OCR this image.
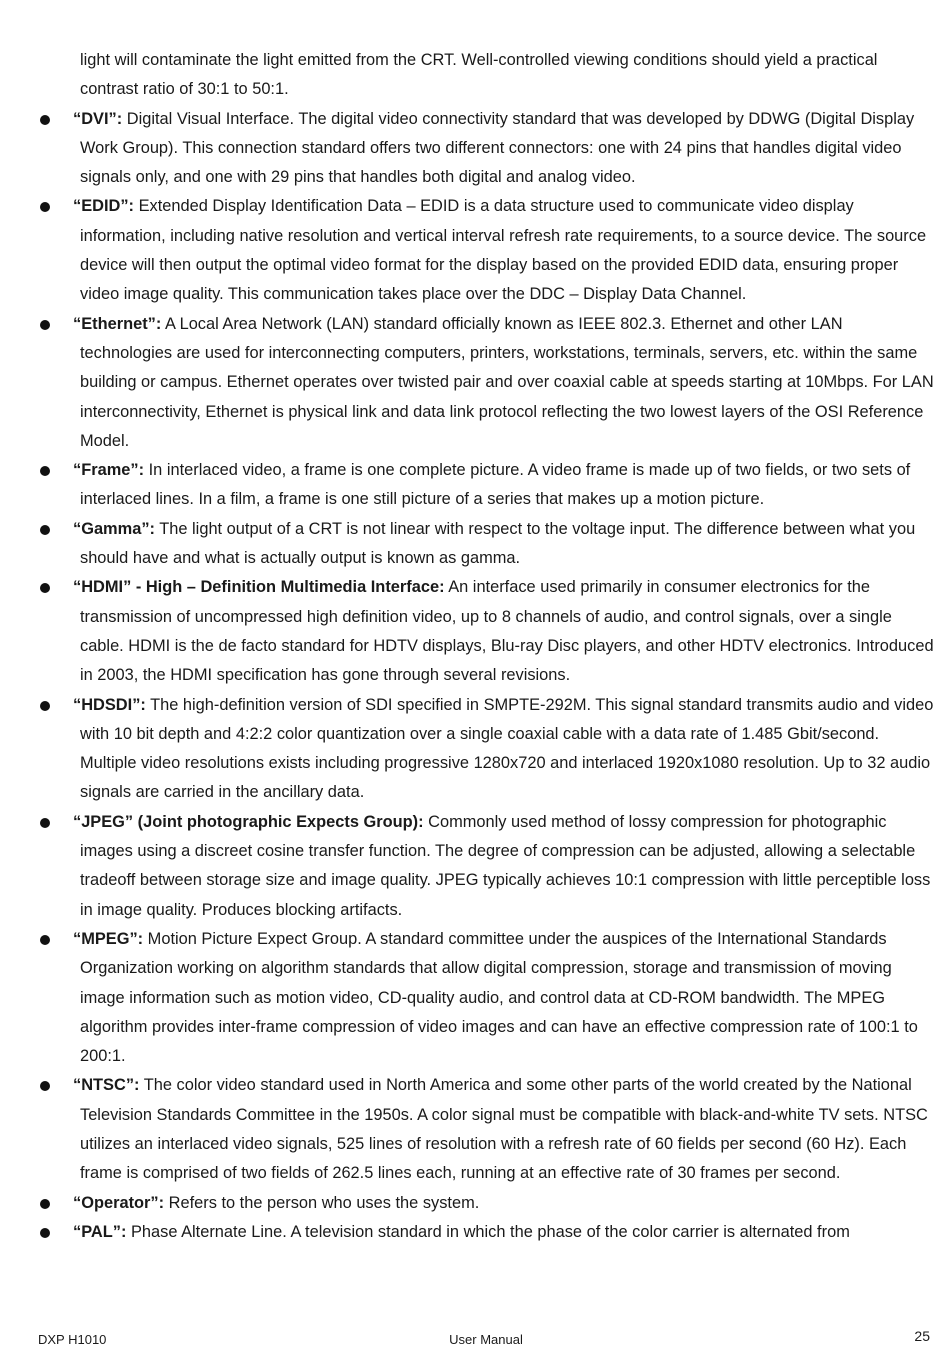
light will contaminate the light emitted from the CRT. Well-controlled viewing conditions should yield a practical contrast ratio of 30:1 to 50:1.

“DVI”: Digital Visual Interface. The digital video connectivity standard that was developed by DDWG (Digital Display Work Group). This connection standard offers two different connectors: one with 24 pins that handles digital video signals only, and one with 29 pins that handles both digital and analog video.
“EDID”: Extended Display Identification Data – EDID is a data structure used to communicate video display information, including native resolution and vertical interval refresh rate requirements, to a source device. The source device will then output the optimal video format for the display based on the provided EDID data, ensuring proper video image quality. This communication takes place over the DDC – Display Data Channel.
“Ethernet”: A Local Area Network (LAN) standard officially known as IEEE 802.3. Ethernet and other LAN technologies are used for interconnecting computers, printers, workstations, terminals, servers, etc. within the same building or campus. Ethernet operates over twisted pair and over coaxial cable at speeds starting at 10Mbps. For LAN interconnectivity, Ethernet is physical link and data link protocol reflecting the two lowest layers of the OSI Reference Model.
“Frame”: In interlaced video, a frame is one complete picture. A video frame is made up of two fields, or two sets of interlaced lines. In a film, a frame is one still picture of a series that makes up a motion picture.
“Gamma”: The light output of a CRT is not linear with respect to the voltage input. The difference between what you should have and what is actually output is known as gamma.
“HDMI” - High – Definition Multimedia Interface: An interface used primarily in consumer electronics for the transmission of uncompressed high definition video, up to 8 channels of audio, and control signals, over a single cable. HDMI is the de facto standard for HDTV displays, Blu-ray Disc players, and other HDTV electronics. Introduced in 2003, the HDMI specification has gone through several revisions.
“HDSDI”: The high-definition version of SDI specified in SMPTE-292M. This signal standard transmits audio and video with 10 bit depth and 4:2:2 color quantization over a single coaxial cable with a data rate of 1.485 Gbit/second. Multiple video resolutions exists including progressive 1280x720 and interlaced 1920x1080 resolution. Up to 32 audio signals are carried in the ancillary data.
“JPEG” (Joint photographic Expects Group): Commonly used method of lossy compression for photographic images using a discreet cosine transfer function. The degree of compression can be adjusted, allowing a selectable tradeoff between storage size and image quality. JPEG typically achieves 10:1 compression with little perceptible loss in image quality. Produces blocking artifacts.
“MPEG”: Motion Picture Expect Group. A standard committee under the auspices of the International Standards Organization working on algorithm standards that allow digital compression, storage and transmission of moving image information such as motion video, CD-quality audio, and control data at CD-ROM bandwidth. The MPEG algorithm provides inter-frame compression of video images and can have an effective compression rate of 100:1 to 200:1.
“NTSC”: The color video standard used in North America and some other parts of the world created by the National Television Standards Committee in the 1950s. A color signal must be compatible with black-and-white TV sets. NTSC utilizes an interlaced video signals, 525 lines of resolution with a refresh rate of 60 fields per second (60 Hz). Each frame is comprised of two fields of 262.5 lines each, running at an effective rate of 30 frames per second.
“Operator”: Refers to the person who uses the system.
“PAL”: Phase Alternate Line. A television standard in which the phase of the color carrier is alternated from
DXP H1010	User Manual	25
